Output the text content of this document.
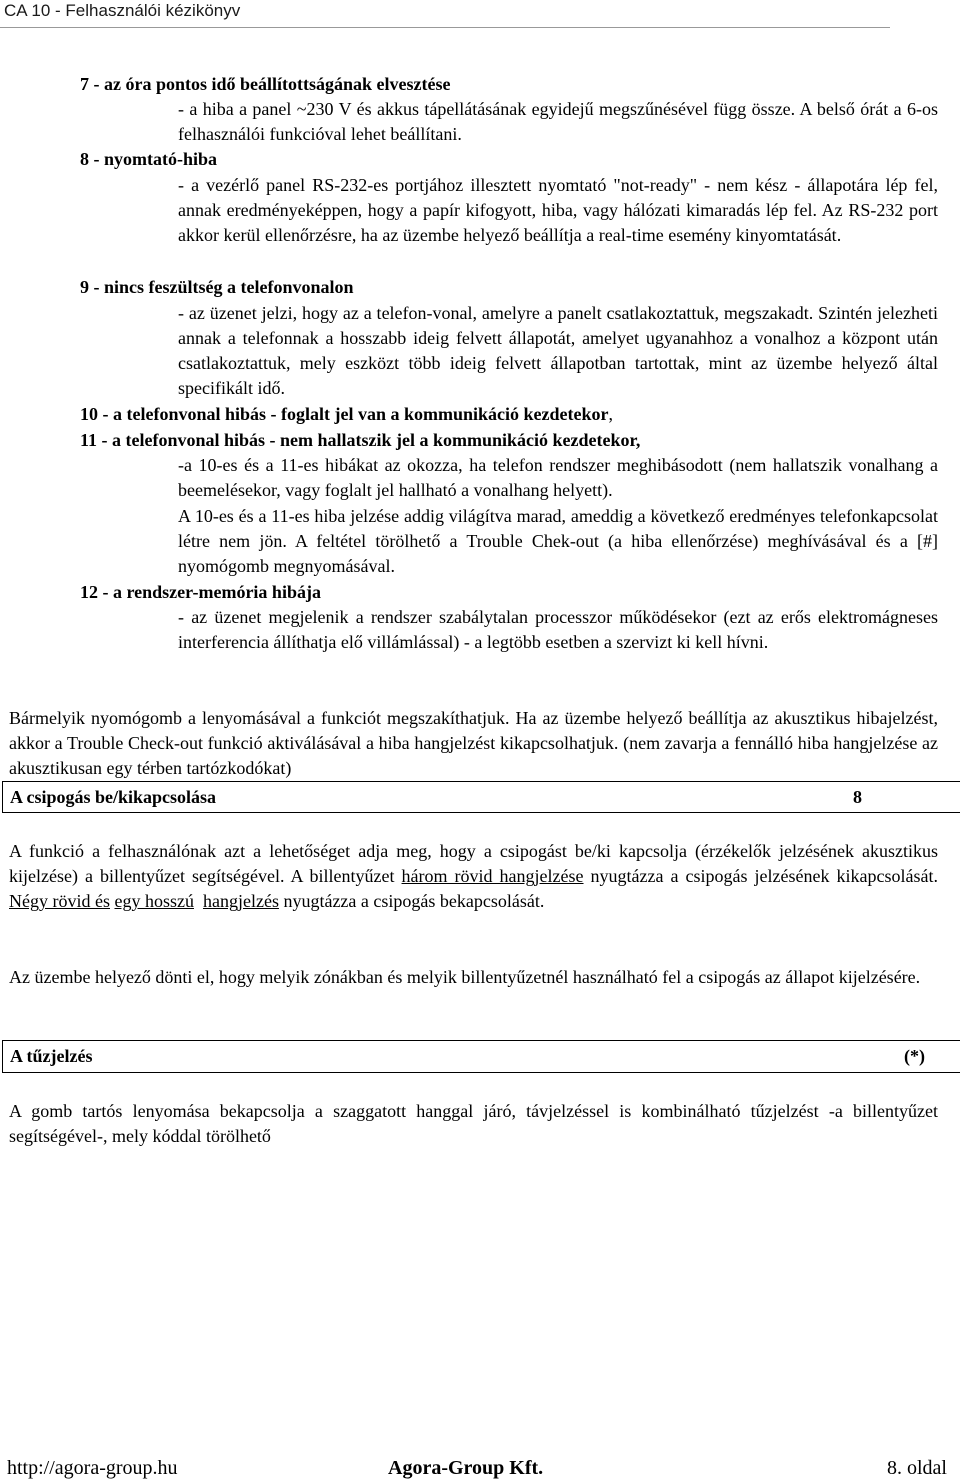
CA 10 - Felhasználói kézikönyv
7 - az óra pontos idő beállítottságának elvesztése
- a hiba a panel ~230 V és akkus tápellátásának egyidejű megszűnésével függ össze. A belső órát a 6-os felhasználói funkcióval lehet beállítani.
8 - nyomtató-hiba
- a vezérlő panel RS-232-es portjához illesztett nyomtató "not-ready" - nem kész - állapotára lép fel, annak eredményeképpen, hogy a papír kifogyott, hiba, vagy hálózati kimaradás lép fel. Az RS-232 port akkor kerül ellenőrzésre, ha az üzembe helyező beállítja a real-time esemény kinyomtatását.
9 - nincs feszültség a telefonvonalon
- az üzenet jelzi, hogy az a telefon-vonal, amelyre a panelt csatlakoztattuk, megszakadt. Szintén jelezheti annak a telefonnak a hosszabb ideig felvett állapotát, amelyet ugyanahhoz a vonalhoz a központ után csatlakoztattuk, mely eszközt több ideig felvett állapotban tartottak, mint az üzembe helyező által specifikált idő.
10 - a telefonvonal hibás - foglalt jel van a kommunikáció kezdetekor,
11 - a telefonvonal hibás - nem hallatszik jel a kommunikáció kezdetekor,
-a 10-es és a 11-es hibákat az okozza, ha telefon rendszer meghibásodott (nem hallatszik vonalhang a beemelésekor, vagy foglalt jel hallható a vonalhang helyett).
A 10-es és a 11-es hiba jelzése addig világítva marad, ameddig a következő eredményes telefonkapcsolat létre nem jön. A feltétel törölhető a Trouble Chek-out (a hiba ellenőrzése) meghívásával és a [#] nyomógomb megnyomásával.
12 - a rendszer-memória hibája
- az üzenet megjelenik a rendszer szabálytalan processzor működésekor (ezt az erős elektromágneses interferencia állíthatja elő villámlással) - a legtöbb esetben a szervizt ki kell hívni.
Bármelyik nyomógomb a lenyomásával a funkciót megszakíthatjuk. Ha az üzembe helyező beállítja az akusztikus hibajelzést, akkor a Trouble Check-out funkció aktiválásával a hiba hangjelzést kikapcsolhatjuk. (nem zavarja a fennálló hiba hangjelzése az akusztikusan egy térben tartózkodókat)
A csipogás be/kikapcsolása	8
A funkció a felhasználónak azt a lehetőséget adja meg, hogy a csipogást be/ki kapcsolja (érzékelők jelzésének akusztikus kijelzése) a billentyűzet segítségével. A billentyűzet három rövid hangjelzése nyugtázza a csipogás jelzésének kikapcsolását. Négy rövid és egy hosszú hangjelzés nyugtázza a csipogás bekapcsolását.
Az üzembe helyező dönti el, hogy melyik zónákban és melyik billentyűzetnél használható fel a csipogás az állapot kijelzésére.
A tűzjelzés	(*)
A gomb tartós lenyomása bekapcsolja a szaggatott hanggal járó, távjelzéssel is kombinálható tűzjelzést -a billentyűzet segítségével-, mely kóddal törölhető
http://agora-group.hu	Agora-Group Kft.	8. oldal
